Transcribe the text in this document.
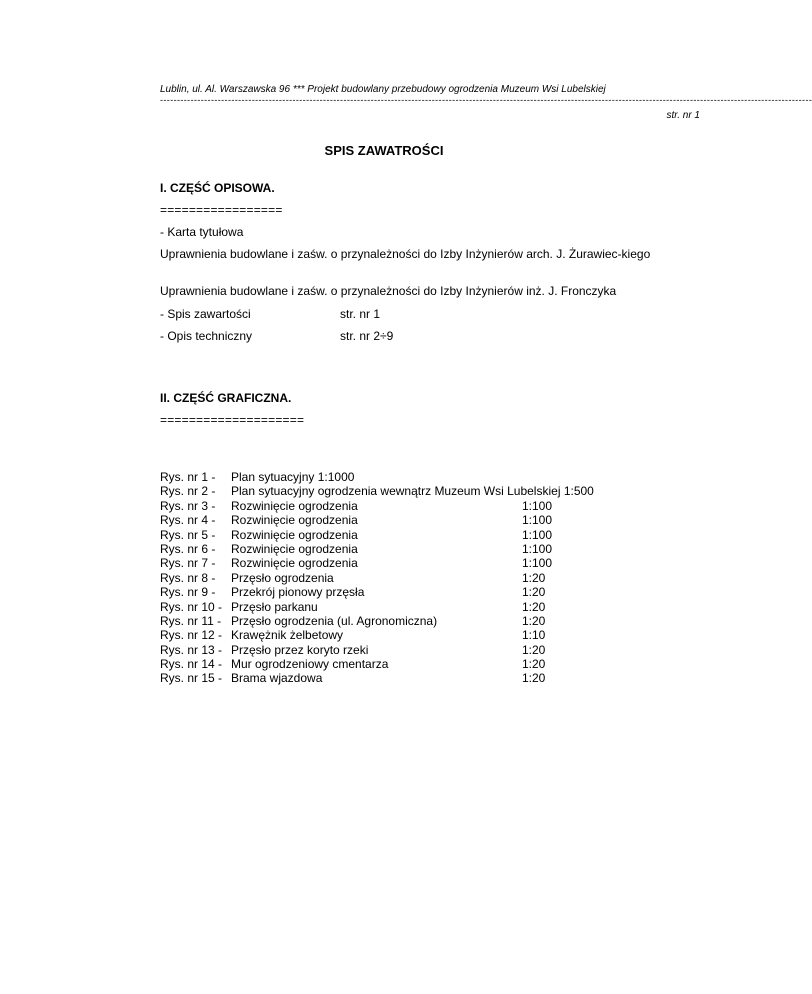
Lublin, ul. Al. Warszawska 96 *** Projekt budowlany przebudowy ogrodzenia Muzeum Wsi Lubelskiej
------------------------------------------------------------------------------------------------------------------------------------------------------------------------------------------------
str. nr 1
SPIS ZAWATROŚCI
I. CZĘŚĆ OPISOWA.
=================
- Karta tytułowa
Uprawnienia budowlane i zaśw. o przynależności do Izby Inżynierów arch. J. Żurawiec-kiego
Uprawnienia budowlane i zaśw. o przynależności do Izby Inżynierów inż. J. Fronczyka
- Spis zawartości	str. nr 1
- Opis techniczny	str. nr 2÷9
II. CZĘŚĆ GRAFICZNA.
====================
Rys. nr 1 - Plan sytuacyjny 1:1000
Rys. nr 2 - Plan sytuacyjny ogrodzenia wewnątrz Muzeum Wsi Lubelskiej 1:500
Rys. nr 3 - Rozwinięcie ogrodzenia	1:100
Rys. nr 4 - Rozwinięcie ogrodzenia	1:100
Rys. nr 5 - Rozwinięcie ogrodzenia	1:100
Rys. nr 6 - Rozwinięcie ogrodzenia	1:100
Rys. nr 7 - Rozwinięcie ogrodzenia	1:100
Rys. nr 8 - Przęsło ogrodzenia	1:20
Rys. nr 9 - Przekrój pionowy przęsła	1:20
Rys. nr 10 - Przęsło parkanu	1:20
Rys. nr 11 - Przęsło ogrodzenia (ul. Agronomiczna)	1:20
Rys. nr 12 - Krawężnik żelbetowy	1:10
Rys. nr 13 - Przęsło przez koryto rzeki	1:20
Rys. nr 14 - Mur ogrodzeniowy cmentarza	1:20
Rys. nr 15 - Brama wjazdowa	1:20
